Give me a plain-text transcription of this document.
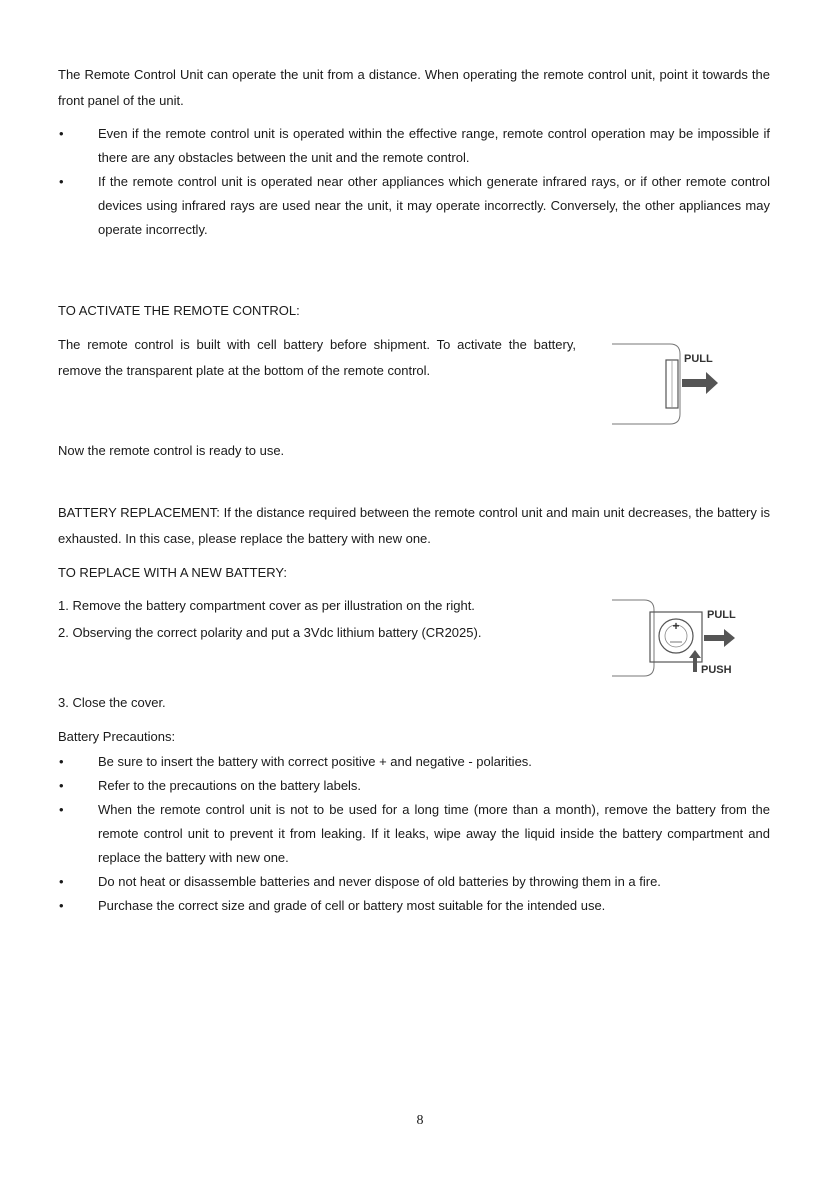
The Remote Control Unit can operate the unit from a distance. When operating the remote control unit, point it towards the front panel of the unit.

• Even if the remote control unit is operated within the effective range, remote control operation may be impossible if there are any obstacles between the unit and the remote control.
• If the remote control unit is operated near other appliances which generate infrared rays, or if other remote control devices using infrared rays are used near the unit, it may operate incorrectly. Conversely, the other appliances may operate incorrectly.

TO ACTIVATE THE REMOTE CONTROL:

The remote control is built with cell battery before shipment. To activate the battery, remove the transparent plate at the bottom of the remote control.

PULL

Now the remote control is ready to use.

BATTERY REPLACEMENT: If the distance required between the remote control unit and main unit decreases, the battery is exhausted. In this case, please replace the battery with new one.

TO REPLACE WITH A NEW BATTERY:

1. Remove the battery compartment cover as per illustration on the right.

2. Observing the correct polarity and put a 3Vdc lithium battery (CR2025).	+
PULL
PUSH

3. Close the cover.

Battery Precautions:

• Be sure to insert the battery with correct positive + and negative - polarities.
• Refer to the precautions on the battery labels.
• When the remote control unit is not to be used for a long time (more than a month), remove the battery from the remote control unit to prevent it from leaking. If it leaks, wipe away the liquid inside the battery compartment and replace the battery with new one.
• Do not heat or disassemble batteries and never dispose of old batteries by throwing them in a fire.
• Purchase the correct size and grade of cell or battery most suitable for the intended use.
8
